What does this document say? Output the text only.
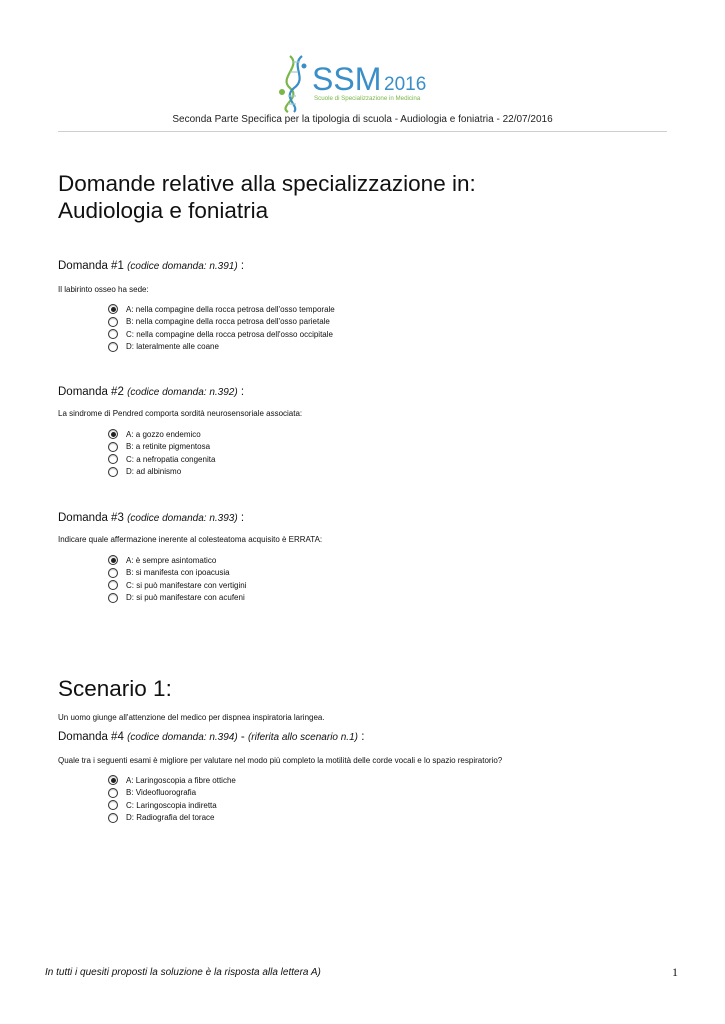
SSM 2016
Scuole di Specializzazione in Medicina
Seconda Parte Specifica per la tipologia di scuola - Audiologia e foniatria - 22/07/2016
Domande relative alla specializzazione in:
Audiologia e foniatria
Domanda #1 (codice domanda: n.391) :
Il labirinto osseo ha sede:
A: nella compagine della rocca petrosa dell'osso temporale
B: nella compagine della rocca petrosa dell'osso parietale
C: nella compagine della rocca petrosa dell'osso occipitale
D: lateralmente alle coane
Domanda #2 (codice domanda: n.392) :
La sindrome di Pendred comporta sordità neurosensoriale associata:
A: a gozzo endemico
B: a retinite pigmentosa
C: a nefropatia congenita
D: ad albinismo
Domanda #3 (codice domanda: n.393) :
Indicare quale affermazione inerente al colesteatoma acquisito è ERRATA:
A: è sempre asintomatico
B: si manifesta con ipoacusia
C: si può manifestare con vertigini
D: si può manifestare con acufeni
Scenario 1:
Un uomo giunge all'attenzione del medico per dispnea inspiratoria laringea.
Domanda #4 (codice domanda: n.394) - (riferita allo scenario n.1) :
Quale tra i seguenti esami è migliore per valutare nel modo più completo la motilità delle corde vocali e lo spazio respiratorio?
A: Laringoscopia a fibre ottiche
B: Videofluorografia
C: Laringoscopia indiretta
D: Radiografia del torace
In tutti i quesiti proposti la soluzione è la risposta alla lettera A)	1
